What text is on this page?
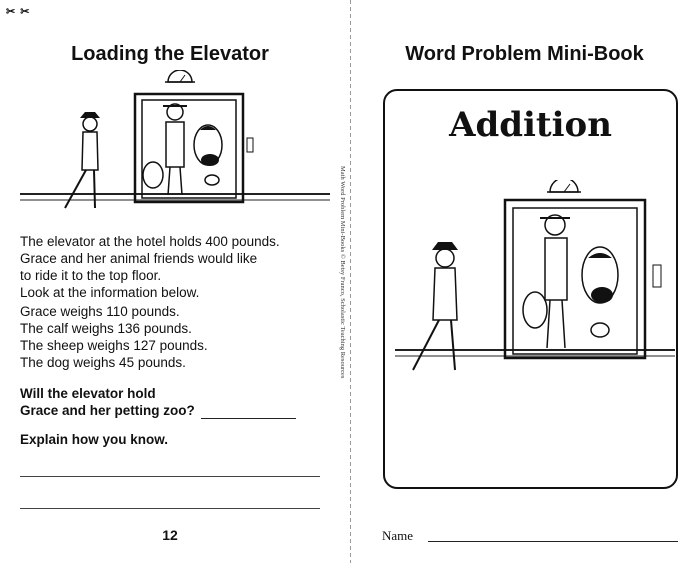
✂ ✂
Loading the Elevator

The elevator at the hotel holds 400 pounds.

Grace and her animal friends would like

to ride it to the top floor.

Look at the information below.

Grace weighs 110 pounds.

The calf weighs 136 pounds.

The sheep weighs 127 pounds.

The dog weighs 45 pounds.

Will the elevator hold
Grace and her petting zoo?
Explain how you know.
12
Math Word Problem Mini-Books © Betsy Franco, Scholastic Teaching Resources
Word Problem Mini-Book
Addition
Name
